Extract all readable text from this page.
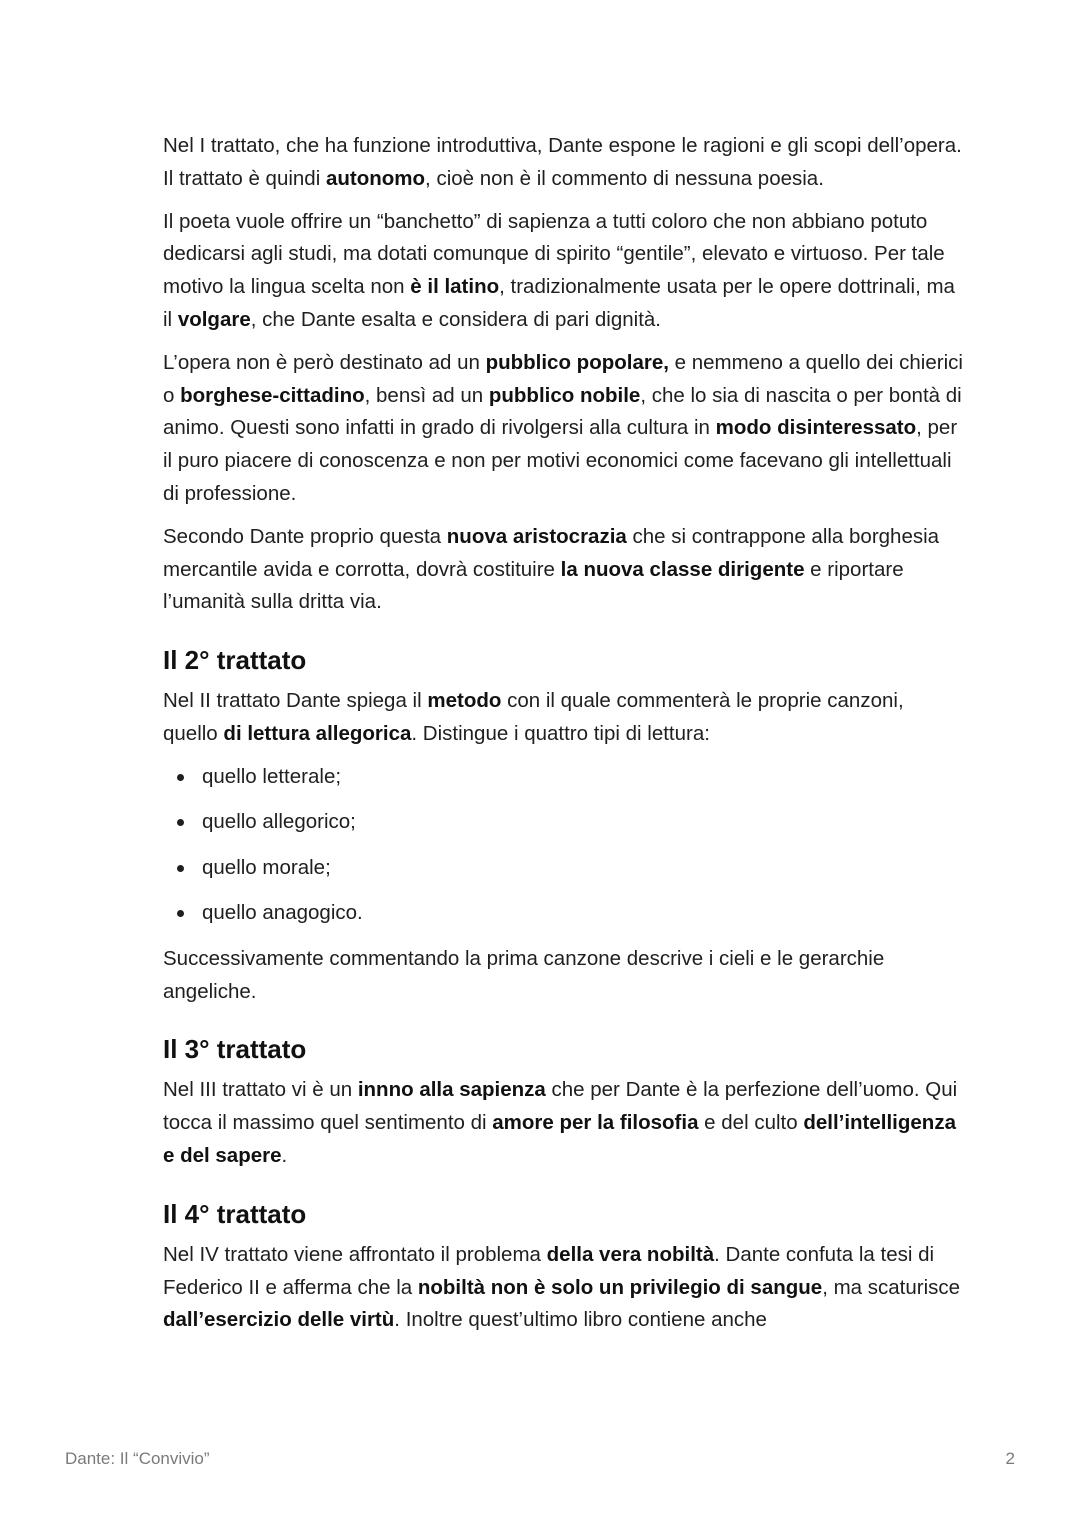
Nel I trattato, che ha funzione introduttiva, Dante espone le ragioni e gli scopi dell’opera. Il trattato è quindi autonomo, cioè non è il commento di nessuna poesia.

Il poeta vuole offrire un “banchetto” di sapienza a tutti coloro che non abbiano potuto dedicarsi agli studi, ma dotati comunque di spirito “gentile”, elevato e virtuoso. Per tale motivo la lingua scelta non è il latino, tradizionalmente usata per le opere dottrinali, ma il volgare, che Dante esalta e considera di pari dignità.

L’opera non è però destinato ad un pubblico popolare, e nemmeno a quello dei chierici o borghese-cittadino, bensì ad un pubblico nobile, che lo sia di nascita o per bontà di animo. Questi sono infatti in grado di rivolgersi alla cultura in modo disinteressato, per il puro piacere di conoscenza e non per motivi economici come facevano gli intellettuali di professione.

Secondo Dante proprio questa nuova aristocrazia che si contrappone alla borghesia mercantile avida e corrotta, dovrà costituire la nuova classe dirigente e riportare l’umanità sulla dritta via.

Il 2° trattato

Nel II trattato Dante spiega il metodo con il quale commenterà le proprie canzoni, quello di lettura allegorica. Distingue i quattro tipi di lettura:

quello letterale;
quello allegorico;
quello morale;
quello anagogico.

Successivamente commentando la prima canzone descrive i cieli e le gerarchie angeliche.

Il 3° trattato

Nel III trattato vi è un innno alla sapienza che per Dante è la perfezione dell’uomo. Qui tocca il massimo quel sentimento di amore per la filosofia e del culto dell’intelligenza e del sapere.

Il 4° trattato

Nel IV trattato viene affrontato il problema della vera nobiltà. Dante confuta la tesi di Federico II e afferma che la nobiltà non è solo un privilegio di sangue, ma scaturisce dall’esercizio delle virtù. Inoltre quest’ultimo libro contiene anche

Dante: Il “Convivio”	2
